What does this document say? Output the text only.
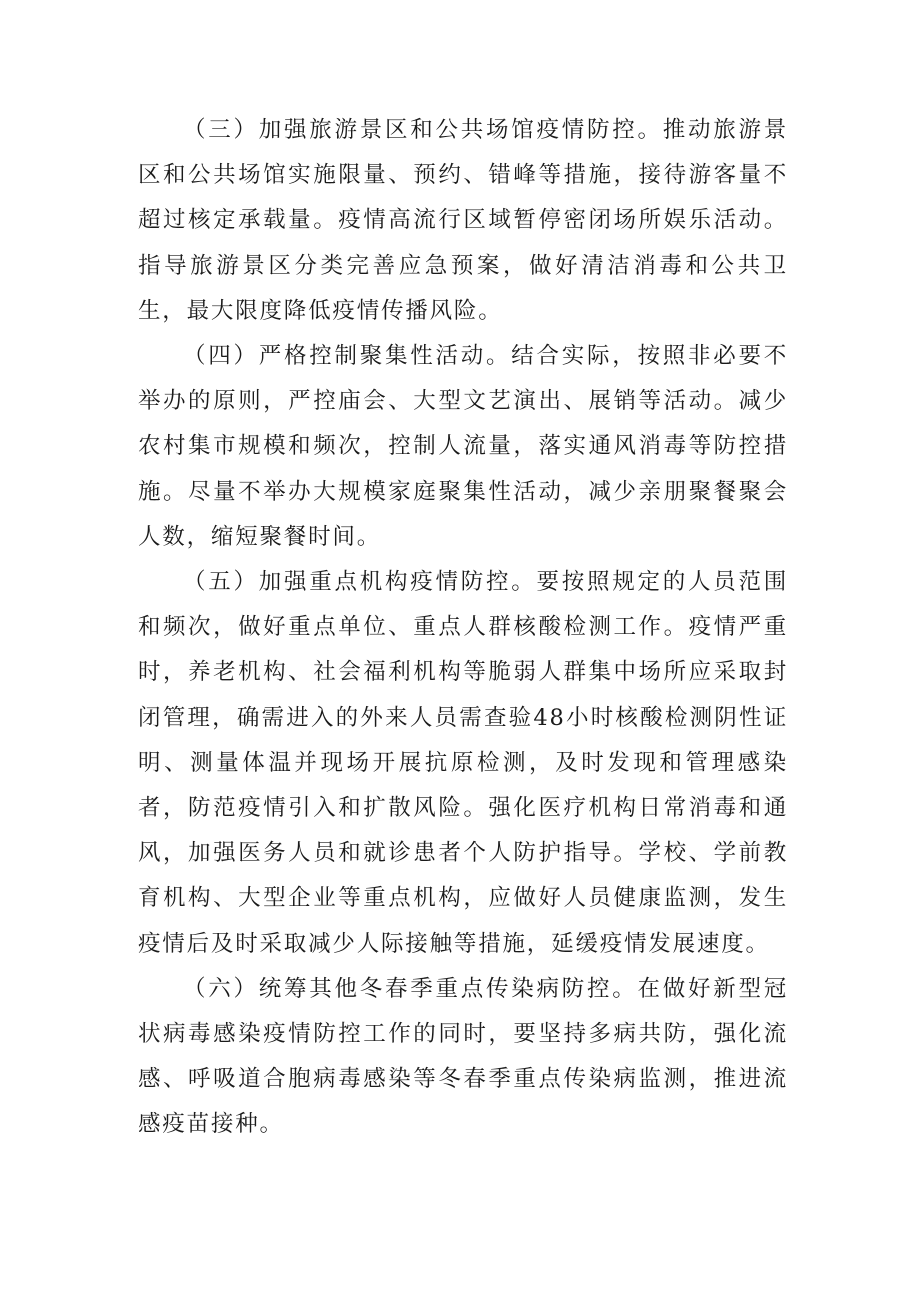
（三）加强旅游景区和公共场馆疫情防控。推动旅游景区和公共场馆实施限量、预约、错峰等措施，接待游客量不超过核定承载量。疫情高流行区域暂停密闭场所娱乐活动。指导旅游景区分类完善应急预案，做好清洁消毒和公共卫生，最大限度降低疫情传播风险。

（四）严格控制聚集性活动。结合实际，按照非必要不举办的原则，严控庙会、大型文艺演出、展销等活动。减少农村集市规模和频次，控制人流量，落实通风消毒等防控措施。尽量不举办大规模家庭聚集性活动，减少亲朋聚餐聚会人数，缩短聚餐时间。

（五）加强重点机构疫情防控。要按照规定的人员范围和频次，做好重点单位、重点人群核酸检测工作。疫情严重时，养老机构、社会福利机构等脆弱人群集中场所应采取封闭管理，确需进入的外来人员需查验48小时核酸检测阴性证明、测量体温并现场开展抗原检测，及时发现和管理感染者，防范疫情引入和扩散风险。强化医疗机构日常消毒和通风，加强医务人员和就诊患者个人防护指导。学校、学前教育机构、大型企业等重点机构，应做好人员健康监测，发生疫情后及时采取减少人际接触等措施，延缓疫情发展速度。

（六）统筹其他冬春季重点传染病防控。在做好新型冠状病毒感染疫情防控工作的同时，要坚持多病共防，强化流感、呼吸道合胞病毒感染等冬春季重点传染病监测，推进流感疫苗接种。
